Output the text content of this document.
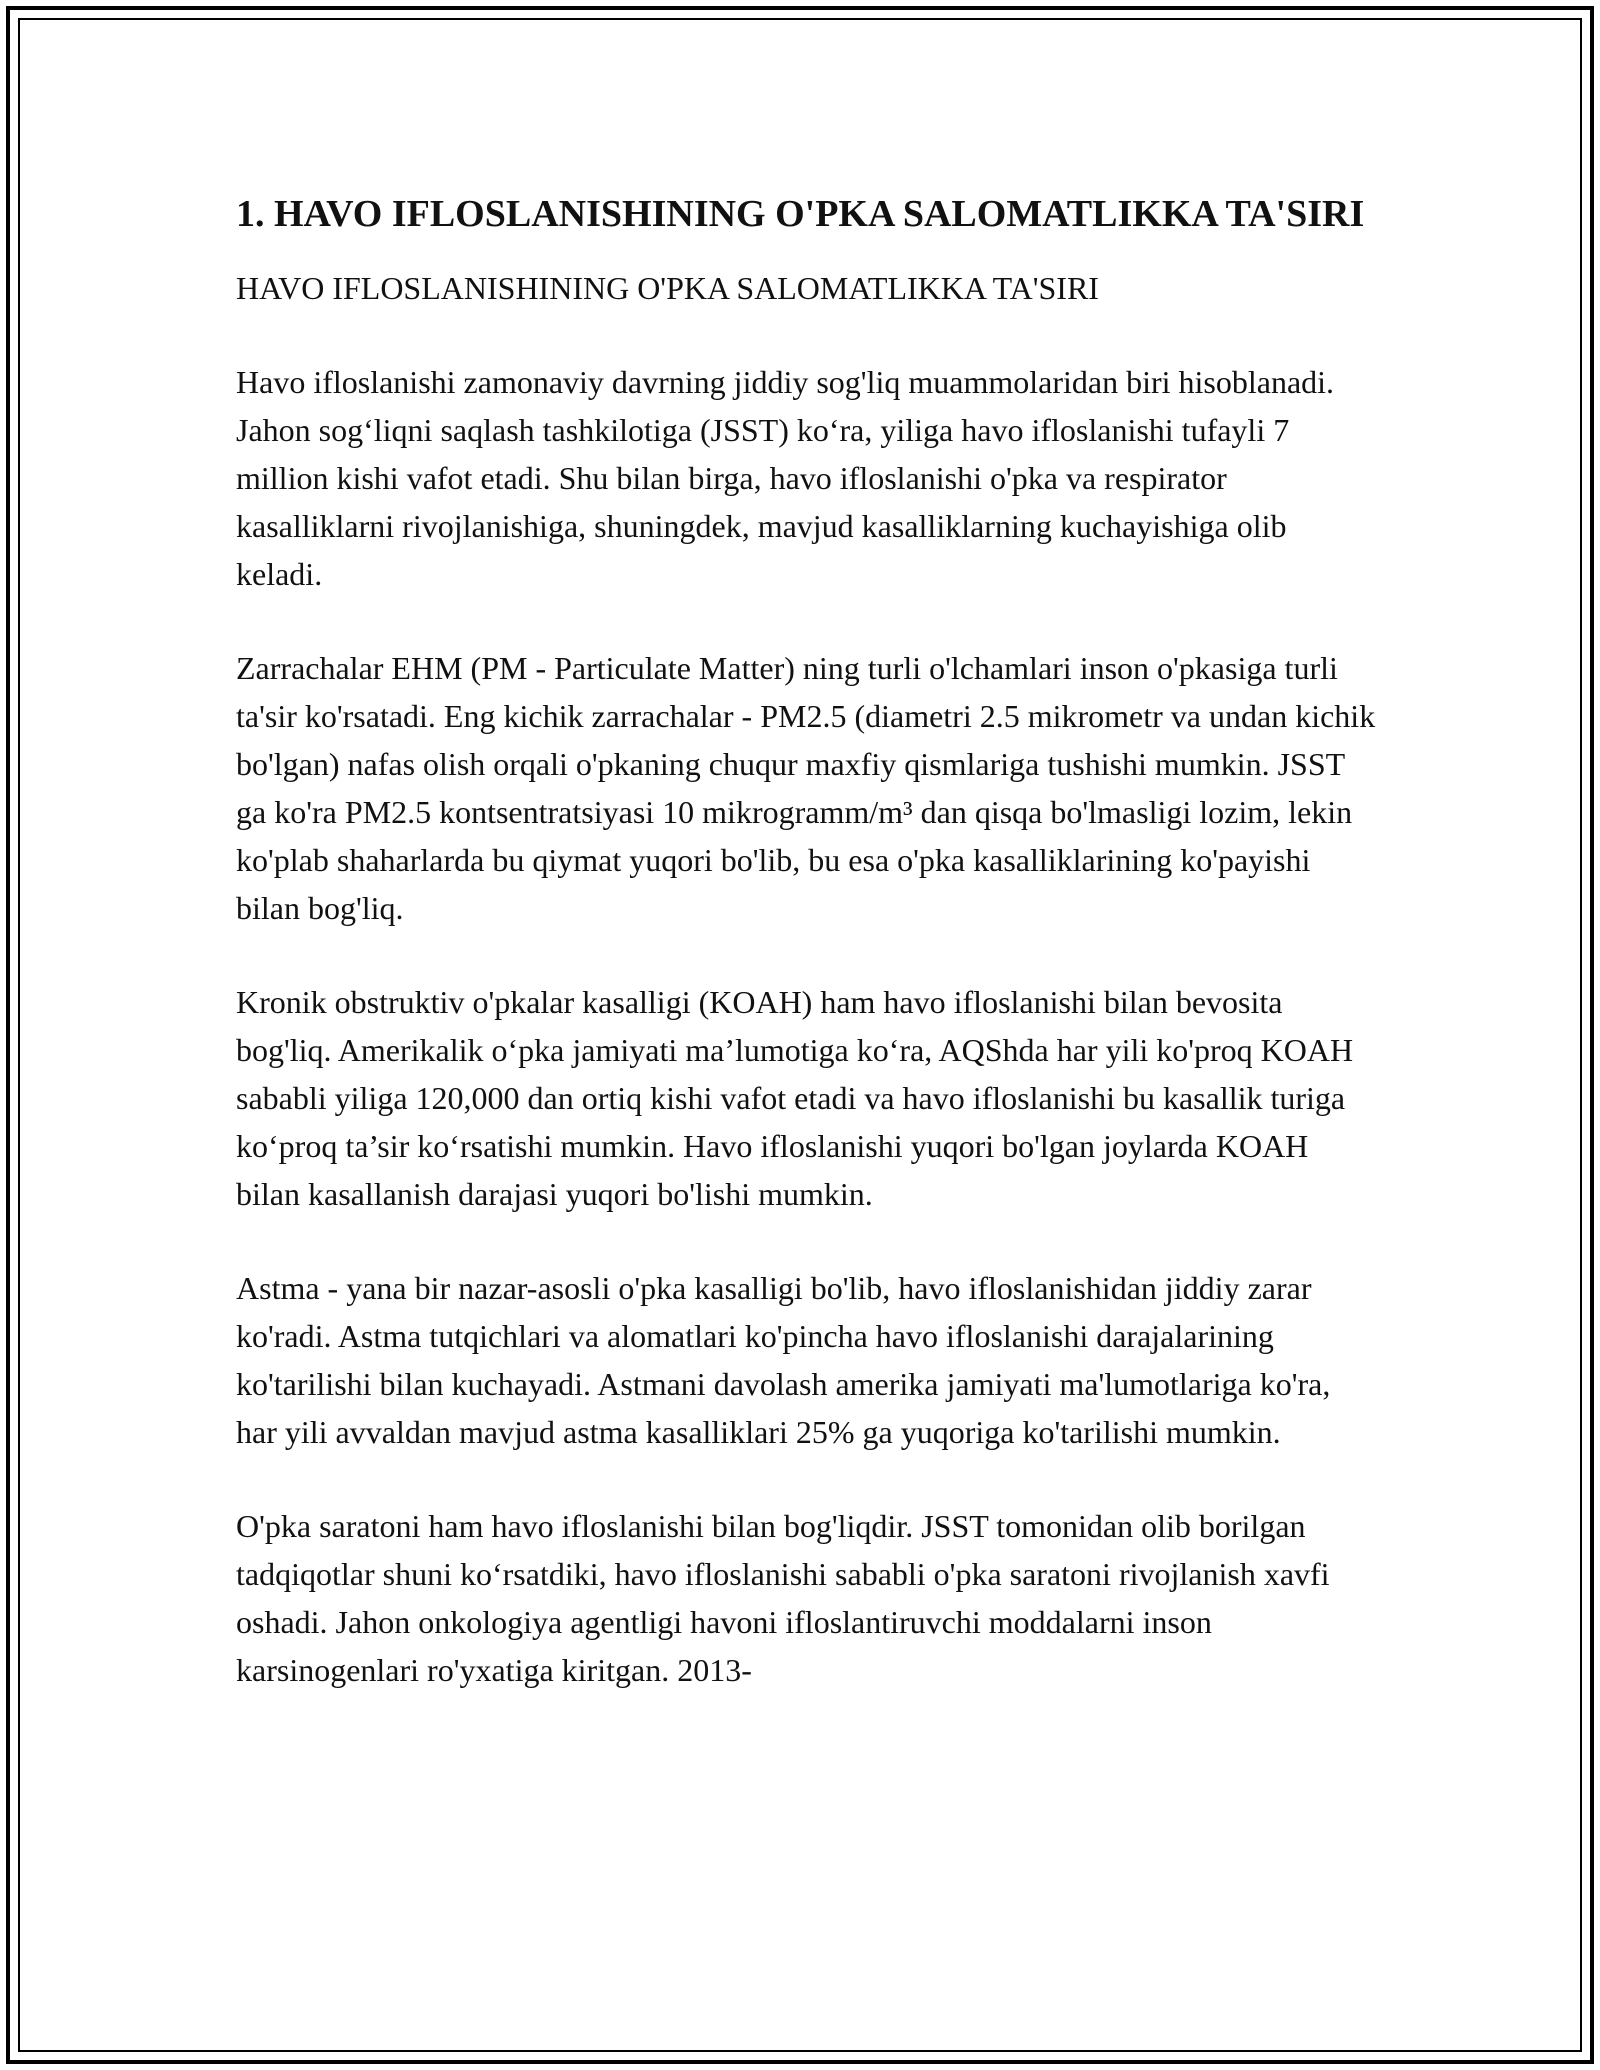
1. HAVO IFLOSLANISHINING O'PKA SALOMATLIKKA TA'SIRI

HAVO IFLOSLANISHINING O'PKA SALOMATLIKKA TA'SIRI

Havo ifloslanishi zamonaviy davrning jiddiy sog'liq muammolaridan biri hisoblanadi. Jahon sog‘liqni saqlash tashkilotiga (JSST) ko‘ra, yiliga havo ifloslanishi tufayli 7 million kishi vafot etadi. Shu bilan birga, havo ifloslanishi o'pka va respirator kasalliklarni rivojlanishiga, shuningdek, mavjud kasalliklarning kuchayishiga olib keladi.

Zarrachalar EHM (PM - Particulate Matter) ning turli o'lchamlari inson o'pkasiga turli ta'sir ko'rsatadi. Eng kichik zarrachalar - PM2.5 (diametri 2.5 mikrometr va undan kichik bo'lgan) nafas olish orqali o'pkaning chuqur maxfiy qismlariga tushishi mumkin. JSST ga ko'ra PM2.5 kontsentratsiyasi 10 mikrogramm/m³ dan qisqa bo'lmasligi lozim, lekin ko'plab shaharlarda bu qiymat yuqori bo'lib, bu esa o'pka kasalliklarining ko'payishi bilan bog'liq.

Kronik obstruktiv o'pkalar kasalligi (KOAH) ham havo ifloslanishi bilan bevosita bog'liq. Amerikalik o‘pka jamiyati ma’lumotiga ko‘ra, AQShda har yili ko'proq KOAH sababli yiliga 120,000 dan ortiq kishi vafot etadi va havo ifloslanishi bu kasallik turiga ko‘proq ta’sir ko‘rsatishi mumkin. Havo ifloslanishi yuqori bo'lgan joylarda KOAH bilan kasallanish darajasi yuqori bo'lishi mumkin.

Astma - yana bir nazar-asosli o'pka kasalligi bo'lib, havo ifloslanishidan jiddiy zarar ko'radi. Astma tutqichlari va alomatlari ko'pincha havo ifloslanishi darajalarining ko'tarilishi bilan kuchayadi. Astmani davolash amerika jamiyati ma'lumotlariga ko'ra, har yili avvaldan mavjud astma kasalliklari 25% ga yuqoriga ko'tarilishi mumkin.

O'pka saratoni ham havo ifloslanishi bilan bog'liqdir. JSST tomonidan olib borilgan tadqiqotlar shuni ko‘rsatdiki, havo ifloslanishi sababli o'pka saratoni rivojlanish xavfi oshadi. Jahon onkologiya agentligi havoni ifloslantiruvchi moddalarni inson karsinogenlari ro'yxatiga kiritgan. 2013-
